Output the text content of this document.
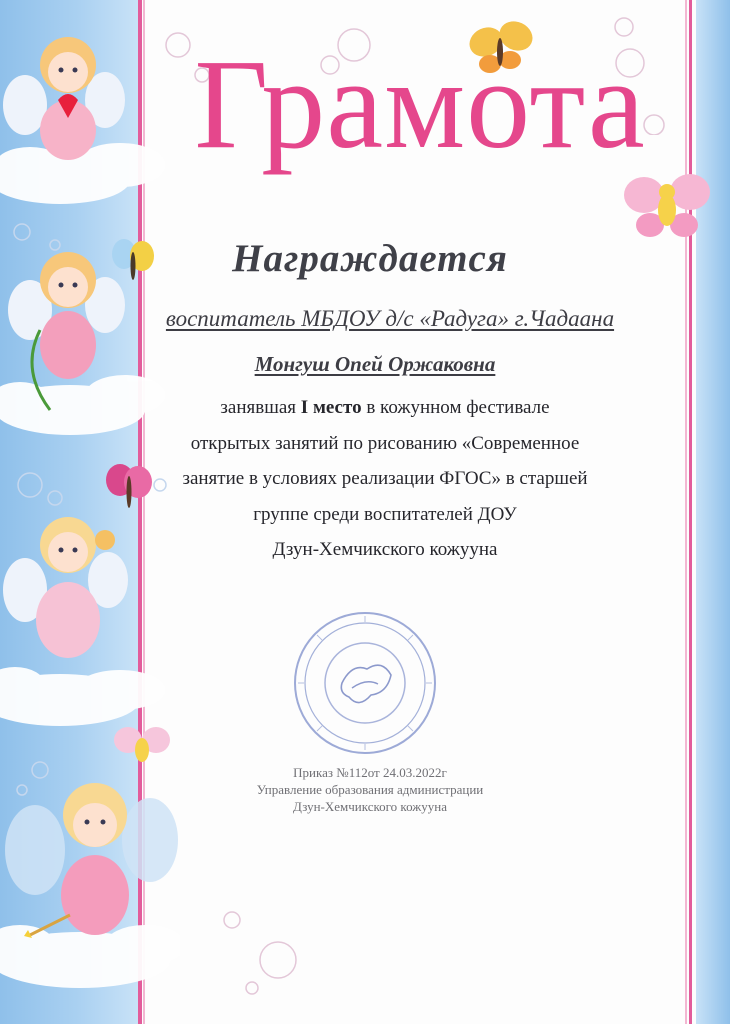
Грамота
Награждается
воспитатель МБДОУ д/с «Радуга» г.Чадаана
Монгуш Опей Оржаковна

занявшая I место в кожунном фестивале

открытых занятий по рисованию «Современное

занятие в условиях реализации ФГОС» в старшей

группе среди воспитателей ДОУ

Дзун-Хемчикского кожууна

Приказ №112от 24.03.2022г

Управление образования администрации

Дзун-Хемчикского кожууна
